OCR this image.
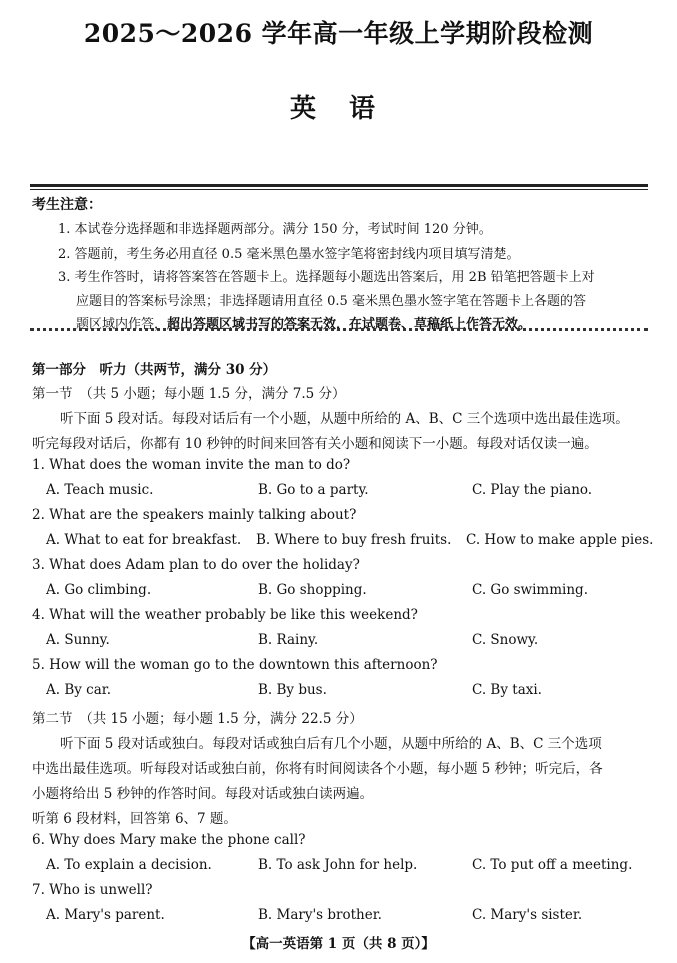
2025～2026 学年高一年级上学期阶段检测
英 语
考生注意：
1. 本试卷分选择题和非选择题两部分。满分 150 分，考试时间 120 分钟。
2. 答题前，考生务必用直径 0.5 毫米黑色墨水签字笔将密封线内项目填写清楚。
3. 考生作答时，请将答案答在答题卡上。选择题每小题选出答案后，用 2B 铅笔把答题卡上对
应题目的答案标号涂黑；非选择题请用直径 0.5 毫米黑色墨水签字笔在答题卡上各题的答
题区域内作答，超出答题区域书写的答案无效，在试题卷、草稿纸上作答无效。
第一部分　听力（共两节，满分 30 分）
第一节　（共 5 小题；每小题 1.5 分，满分 7.5 分）
听下面 5 段对话。每段对话后有一个小题，从题中所给的 A、B、C 三个选项中选出最佳选项。
听完每段对话后，你都有 10 秒钟的时间来回答有关小题和阅读下一小题。每段对话仅读一遍。
1. What does the woman invite the man to do?
A. Teach music.	B. Go to a party.	C. Play the piano.
2. What are the speakers mainly talking about?
A. What to eat for breakfast. B. Where to buy fresh fruits. C. How to make apple pies.
3. What does Adam plan to do over the holiday?
A. Go climbing.	B. Go shopping.	C. Go swimming.
4. What will the weather probably be like this weekend?
A. Sunny.	B. Rainy.	C. Snowy.
5. How will the woman go to the downtown this afternoon?
A. By car.	B. By bus.	C. By taxi.
第二节　（共 15 小题；每小题 1.5 分，满分 22.5 分）
听下面 5 段对话或独白。每段对话或独白后有几个小题，从题中所给的 A、B、C 三个选项
中选出最佳选项。听每段对话或独白前，你将有时间阅读各个小题，每小题 5 秒钟；听完后，各
小题将给出 5 秒钟的作答时间。每段对话或独白读两遍。
听第 6 段材料，回答第 6、7 题。
6. Why does Mary make the phone call?
A. To explain a decision.	B. To ask John for help.	C. To put off a meeting.
7. Who is unwell?
A. Mary's parent.	B. Mary's brother.	C. Mary's sister.
【高一英语第 1 页（共 8 页）】
